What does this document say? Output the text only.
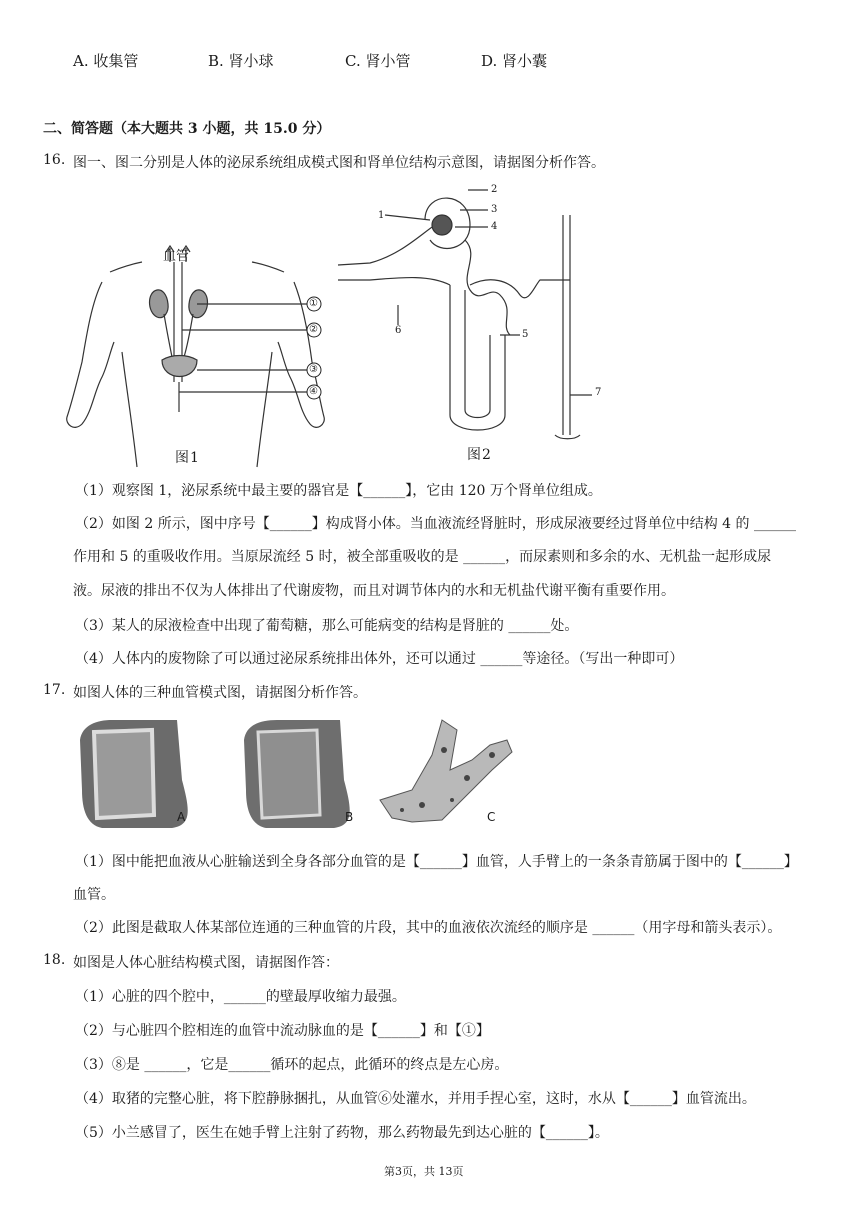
A. 收集管	B. 肾小球	C. 肾小管	D. 肾小囊
二、简答题（本大题共 3 小题，共 15.0 分）
16. 图一、图二分别是人体的泌尿系统组成模式图和肾单位结构示意图，请据图分析作答。
血管
①
②
③
④
图1
1
2
3
4
5
6
7
图2
（1）观察图 1，泌尿系统中最主要的器官是【______】，它由 120 万个肾单位组成。
（2）如图 2 所示，图中序号【______】构成肾小体。当血液流经肾脏时，形成尿液要经过肾单位中结构 4 的 ______
作用和 5 的重吸收作用。当原尿流经 5 时，被全部重吸收的是 ______，而尿素则和多余的水、无机盐一起形成尿
液。尿液的排出不仅为人体排出了代谢废物，而且对调节体内的水和无机盐代谢平衡有重要作用。
（3）某人的尿液检查中出现了葡萄糖，那么可能病变的结构是肾脏的 ______处。
（4）人体内的废物除了可以通过泌尿系统排出体外，还可以通过 ______等途径。（写出一种即可）
17. 如图人体的三种血管模式图，请据图分析作答。
A	B	C
（1）图中能把血液从心脏输送到全身各部分血管的是【______】血管，人手臂上的一条条青筋属于图中的【______】
血管。
（2）此图是截取人体某部位连通的三种血管的片段，其中的血液依次流经的顺序是 ______（用字母和箭头表示）。
18. 如图是人体心脏结构模式图，请据图作答：
（1）心脏的四个腔中，______的壁最厚收缩力最强。
（2）与心脏四个腔相连的血管中流动脉血的是【______】和【①】
（3）⑧是 ______，它是______循环的起点，此循环的终点是左心房。
（4）取猪的完整心脏，将下腔静脉捆扎，从血管⑥处灌水，并用手捏心室，这时，水从【______】血管流出。
（5）小兰感冒了，医生在她手臂上注射了药物，那么药物最先到达心脏的【______】。
第3页，共 13页
